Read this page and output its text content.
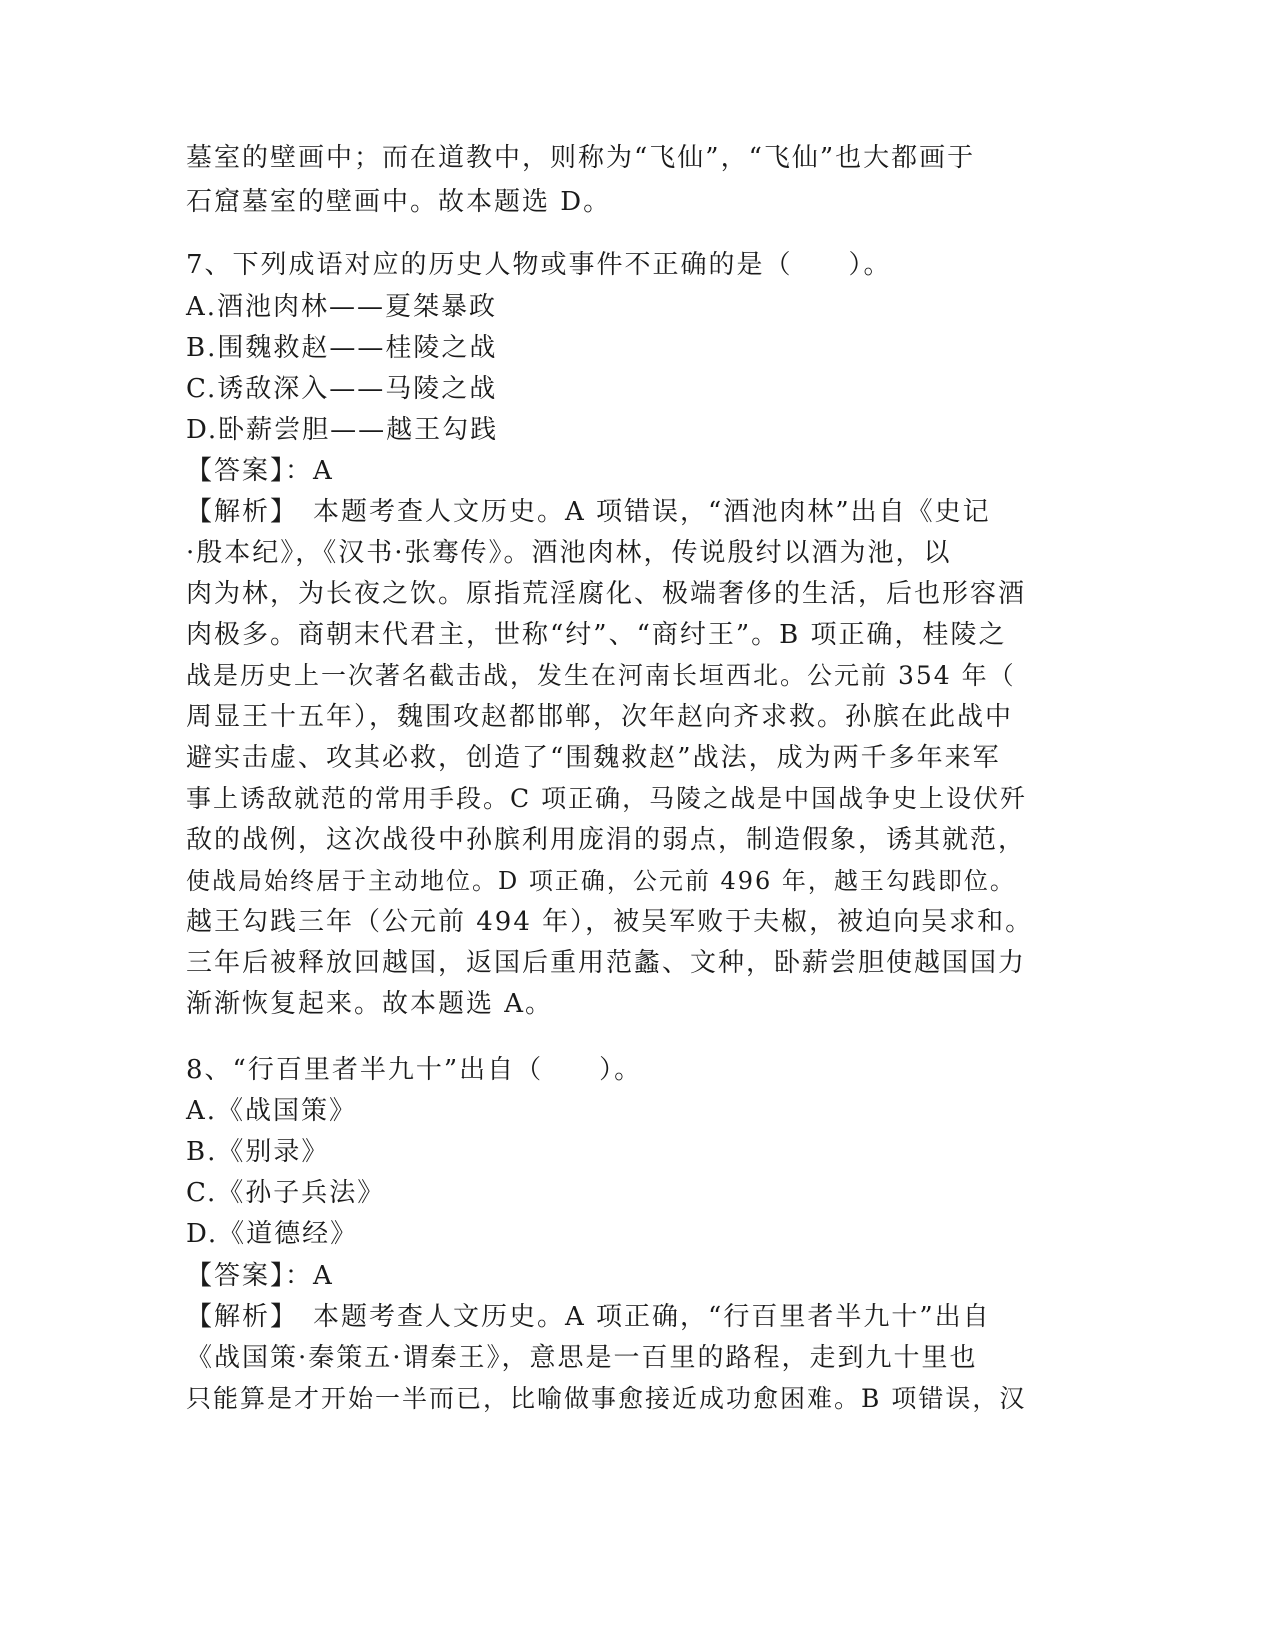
墓室的壁画中；而在道教中，则称为“飞仙”，“飞仙”也大都画于
石窟墓室的壁画中。故本题选 D。
7、下列成语对应的历史人物或事件不正确的是（　　）。
A.酒池肉林——夏桀暴政
B.围魏救赵——桂陵之战
C.诱敌深入——马陵之战
D.卧薪尝胆——越王勾践
【答案】：A
【解析】　本题考查人文历史。A 项错误，“酒池肉林”出自《史记
·殷本纪》，《汉书·张骞传》。酒池肉林，传说殷纣以酒为池，以
肉为林，为长夜之饮。原指荒淫腐化、极端奢侈的生活，后也形容酒
肉极多。商朝末代君主，世称“纣”、“商纣王”。B 项正确，桂陵之
战是历史上一次著名截击战，发生在河南长垣西北。公元前 354 年（
周显王十五年），魏围攻赵都邯郸，次年赵向齐求救。孙膑在此战中
避实击虚、攻其必救，创造了“围魏救赵”战法，成为两千多年来军
事上诱敌就范的常用手段。C 项正确，马陵之战是中国战争史上设伏歼
敌的战例，这次战役中孙膑利用庞涓的弱点，制造假象，诱其就范，
使战局始终居于主动地位。D 项正确，公元前 496 年，越王勾践即位。
越王勾践三年（公元前 494 年），被吴军败于夫椒，被迫向吴求和。
三年后被释放回越国，返国后重用范蠡、文种，卧薪尝胆使越国国力
渐渐恢复起来。故本题选 A。
8、“行百里者半九十”出自（　　）。
A.《战国策》
B.《别录》
C.《孙子兵法》
D.《道德经》
【答案】：A
【解析】　本题考查人文历史。A 项正确，“行百里者半九十”出自
《战国策·秦策五·谓秦王》，意思是一百里的路程，走到九十里也
只能算是才开始一半而已，比喻做事愈接近成功愈困难。B 项错误，汉
